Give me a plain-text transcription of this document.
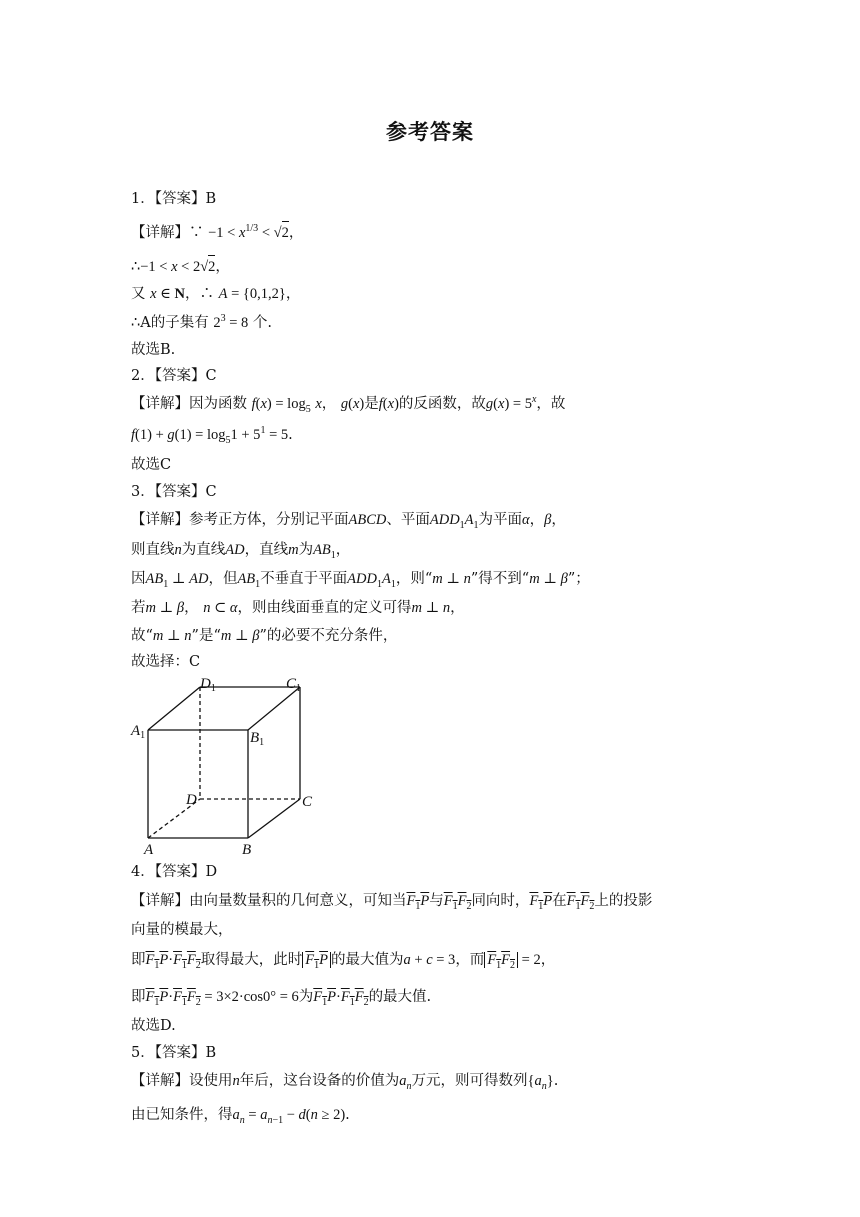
参考答案
1．【答案】B
【详解】∵ $-1 < x^{1/3} < √2$，
∴−1 < x < 2√2，
又 x ∈ N，∴ A = {0,1,2}，
∴A的子集有 $2^3 = 8$ 个.
故选B.
2．【答案】C
【详解】因为函数 $f(x) = \log_5 x$， g(x)是f(x)的反函数，故$g(x) = 5^x$，故
$f(1) + g(1) = \log_51 + 5^1 = 5$.
故选C
3．【答案】C
【详解】参考正方体，分别记平面ABCD、平面$ADD_1A_1$为平面α，β，
则直线n为直线AD，直线m为$AB_1$，
因$AB_1$ ⊥ AD，但$AB_1$不垂直于平面$ADD_1A_1$，则“m ⊥ n”得不到“m ⊥ β”；
若m ⊥ β， n ⊂ α，则由线面垂直的定义可得m ⊥ n，
故“m ⊥ n”是“m ⊥ β”的必要不充分条件，
故选择：C
$D_1$	$C_1$
$A_1$	$B_1$
D	C
A	B
4．【答案】D
【详解】由向量数量积的几何意义，可知当$F_1P$与$F_1F_2$同向时，$F_1P$在$F_1F_2$上的投影
向量的模最大，
即$F_1P\cdot F_1F_2$取得最大，此时 $F_1P$ 的最大值为a + c = 3，而 $F_1F_2 = 2$，
即$F_1P\cdot F_1F_2 = 3\times 2\cdot\cos 0^\circ = 6$为$F_1P\cdot F_1F_2$的最大值.
故选D.
5．【答案】B
【详解】设使用n年后，这台设备的价值为$a_n$万元，则可得数列$\{a_n\}$.
由已知条件，得$a_n = a_{n-1} - d(n \ge 2)$.
